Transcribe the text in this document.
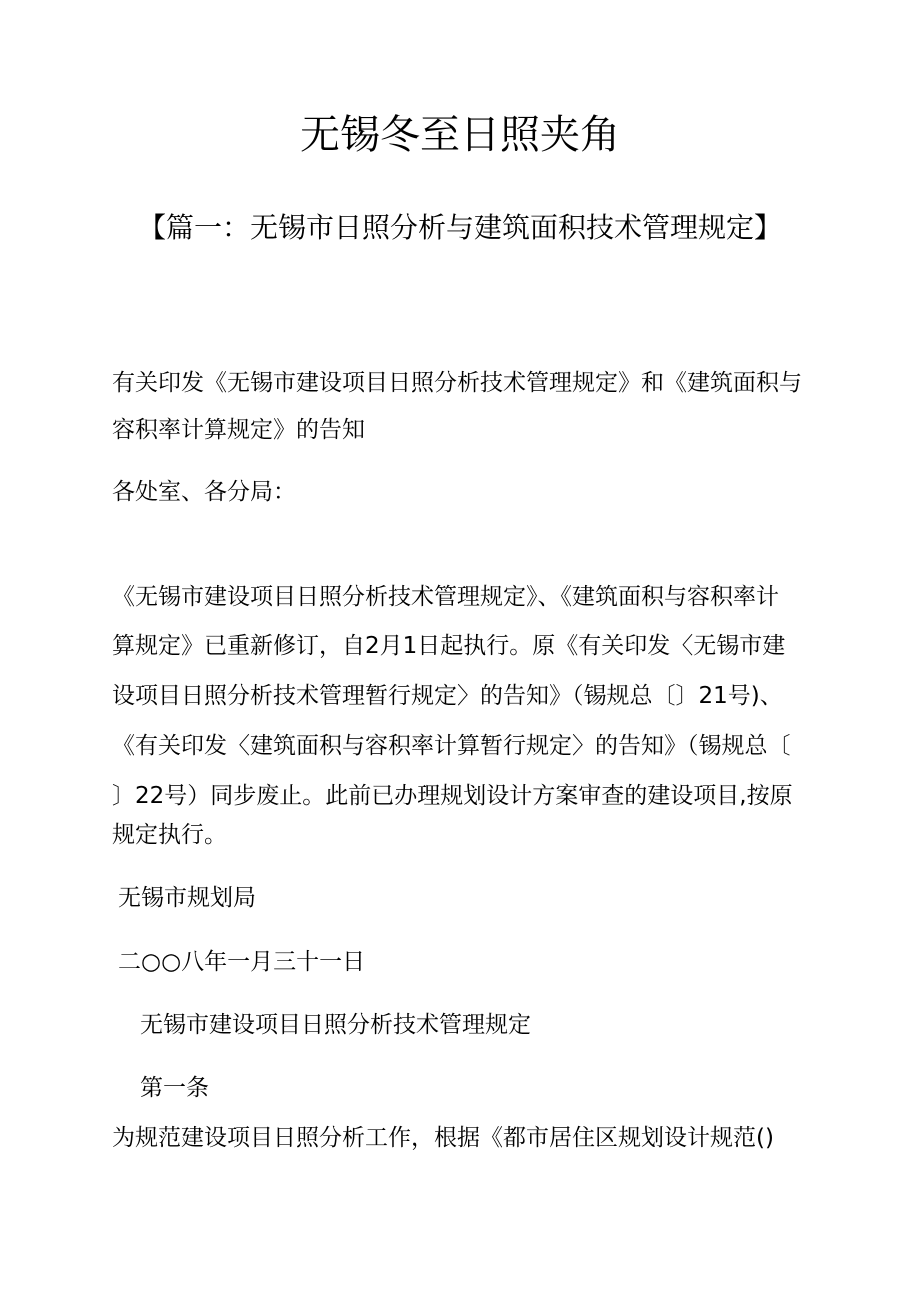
无锡冬至日照夹角
【篇一：无锡市日照分析与建筑面积技术管理规定】
有关印发《无锡市建设项目日照分析技术管理规定》和《建筑面积与
容积率计算规定》的告知
各处室、各分局：
《无锡市建设项目日照分析技术管理规定》、《建筑面积与容积率计
算规定》已重新修订，自2月1日起执行。原《有关印发〈无锡市建
设项目日照分析技术管理暂行规定〉的告知》（锡规总〔〕21号)、
《有关印发〈建筑面积与容积率计算暂行规定〉的告知》（锡规总〔
〕22号）同步废止。此前已办理规划设计方案审查的建设项目,按原
规定执行。
无锡市规划局
二○○八年一月三十一日
无锡市建设项目日照分析技术管理规定
第一条
为规范建设项目日照分析工作，根据《都市居住区规划设计规范()
